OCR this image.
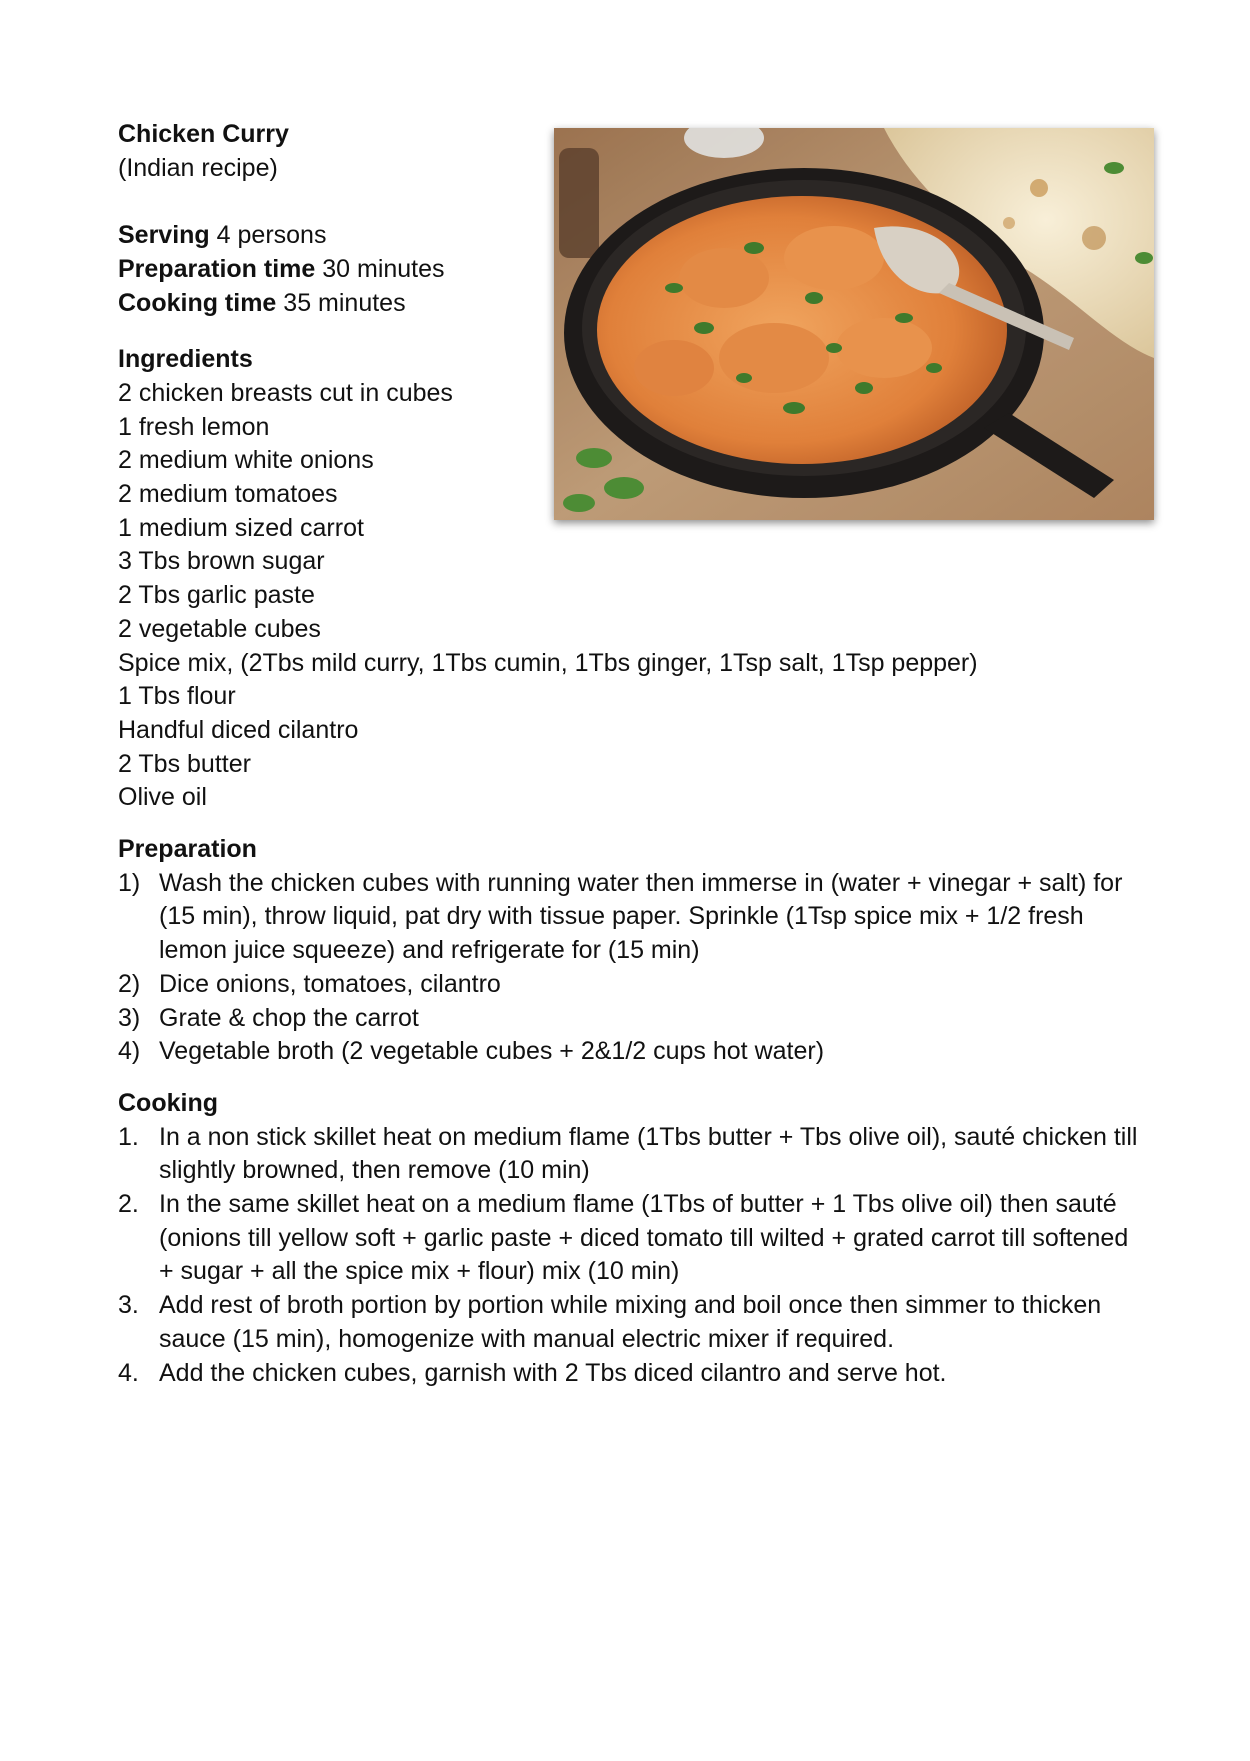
Chicken Curry
(Indian recipe)
Serving 4 persons
Preparation time 30 minutes
Cooking time 35 minutes
Ingredients
2 chicken breasts cut in cubes
1 fresh lemon
2 medium white onions
2 medium tomatoes
1 medium sized carrot
3 Tbs brown sugar
2 Tbs garlic paste
2 vegetable cubes
Spice mix, (2Tbs mild curry, 1Tbs cumin, 1Tbs ginger, 1Tsp salt, 1Tsp pepper)
1 Tbs flour
Handful diced cilantro
2 Tbs butter
Olive oil
Preparation
1) Wash the chicken cubes with running water then immerse in (water + vinegar + salt) for (15 min), throw liquid, pat dry with tissue paper. Sprinkle (1Tsp spice mix + 1/2 fresh lemon juice squeeze) and refrigerate for (15 min)
2) Dice onions, tomatoes, cilantro
3) Grate & chop the carrot
4) Vegetable broth (2 vegetable cubes + 2&1/2 cups hot water)
Cooking
1. In a non stick skillet heat on medium flame (1Tbs butter + Tbs olive oil), sauté chicken till slightly browned, then remove (10 min)
2. In the same skillet heat on a medium flame (1Tbs of butter + 1 Tbs olive oil) then sauté (onions till yellow soft + garlic paste + diced tomato till wilted + grated carrot till softened + sugar + all the spice mix + flour) mix (10 min)
3. Add rest of broth portion by portion while mixing and boil once then simmer to thicken sauce (15 min), homogenize with manual electric mixer if required.
4. Add the chicken cubes, garnish with 2 Tbs diced cilantro and serve hot.
